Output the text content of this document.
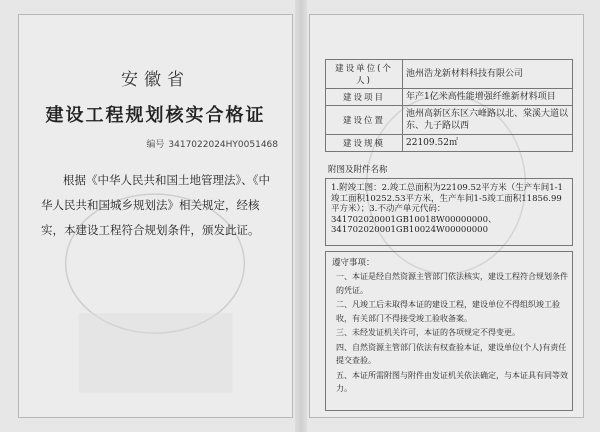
安徽省
建设工程规划核实合格证
编号 3417022024HY0051468
根据《中华人民共和国土地管理法》、《中华人民共和国城乡规划法》相关规定，经核实，本建设工程符合规划条件，颁发此证。
建设单位(个人)	池州浩龙新材料科技有限公司
建设项目	年产1亿米高性能增强纤维新材料项目
建设位置	池州高新区东区六峰路以北、棠溪大道以东、九子路以西
建设规模	22109.52㎡
附图及附件名称
1.附竣工图：2.竣工总面积为22109.52平方米（生产车间1-1竣工面积10252.53平方米，生产车间1-5竣工面积11856.99平方米）；3.不动产单元代码：341702020001GB10018W00000000、341702020001GB10024W00000000
遵守事项：
一、本证是经自然资源主管部门依法核实，建设工程符合规划条件的凭证。
二、凡竣工后未取得本证的建设工程，建设单位不得组织竣工验收，有关部门不得接受竣工验收备案。
三、未经发证机关许可，本证的各项规定不得变更。
四、自然资源主管部门依法有权查验本证，建设单位(个人)有责任提交查验。
五、本证所需附图与附件由发证机关依法确定，与本证具有同等效力。
